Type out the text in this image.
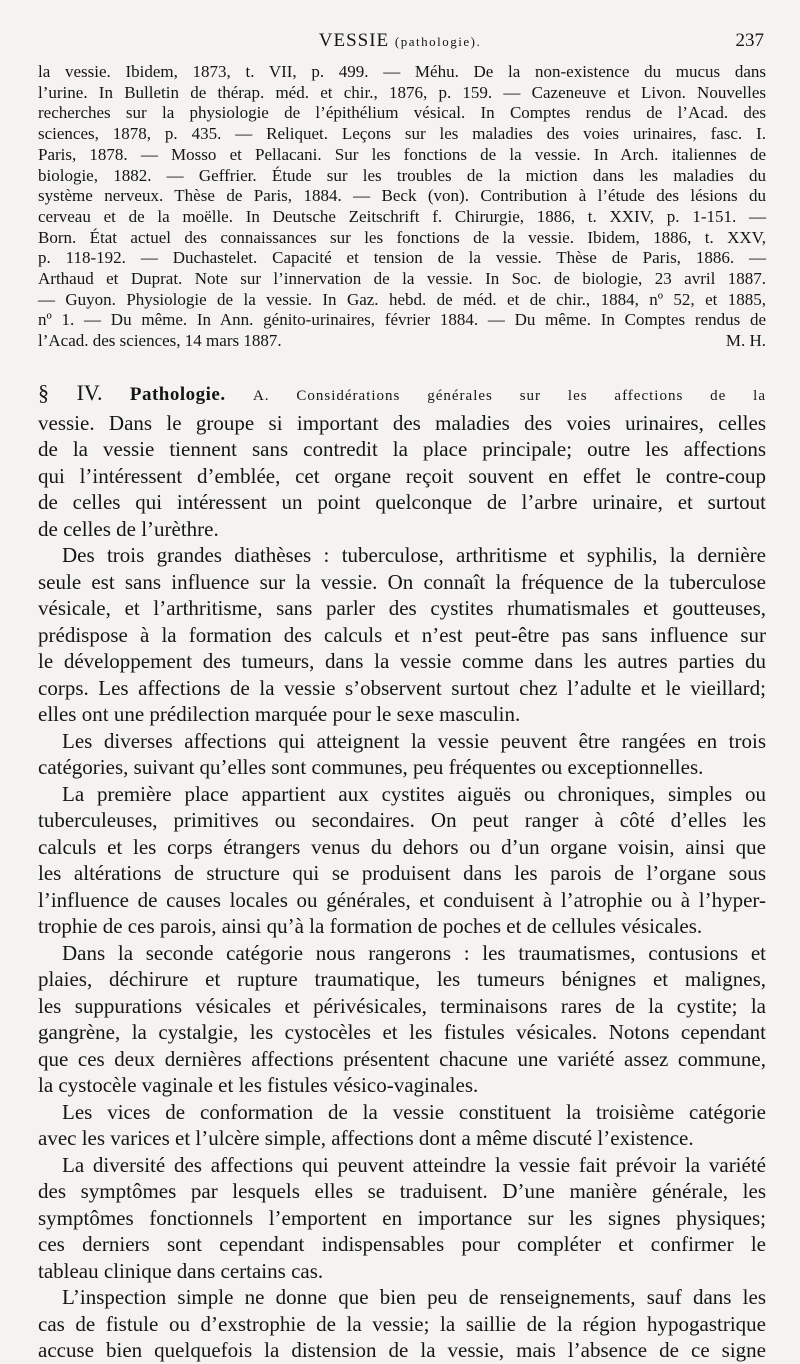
VESSIE (pathologie).	237
la vessie. Ibidem, 1873, t. VII, p. 499. — Méhu. De la non-existence du mucus dans
l’urine. In Bulletin de thérap. méd. et chir., 1876, p. 159. — Cazeneuve et Livon. Nouvelles
recherches sur la physiologie de l’épithélium vésical. In Comptes rendus de l’Acad. des
sciences, 1878, p. 435. — Reliquet. Leçons sur les maladies des voies urinaires, fasc. I.
Paris, 1878. — Mosso et Pellacani. Sur les fonctions de la vessie. In Arch. italiennes de
biologie, 1882. — Geffrier. Étude sur les troubles de la miction dans les maladies du
système nerveux. Thèse de Paris, 1884. — Beck (von). Contribution à l’étude des lésions du
cerveau et de la moëlle. In Deutsche Zeitschrift f. Chirurgie, 1886, t. XXIV, p. 1-151. —
Born. État actuel des connaissances sur les fonctions de la vessie. Ibidem, 1886, t. XXV,
p. 118-192. — Duchastelet. Capacité et tension de la vessie. Thèse de Paris, 1886. —
Arthaud et Duprat. Note sur l’innervation de la vessie. In Soc. de biologie, 23 avril 1887.
— Guyon. Physiologie de la vessie. In Gaz. hebd. de méd. et de chir., 1884, nº 52, et 1885,
nº 1. — Du même. In Ann. génito-urinaires, février 1884. — Du même. In Comptes rendus de
l’Acad. des sciences, 14 mars 1887.	M. H.
§ IV. Pathologie. A. Considérations générales sur les affections de la
vessie. Dans le groupe si important des maladies des voies urinaires, celles
de la vessie tiennent sans contredit la place principale; outre les affections
qui l’intéressent d’emblée, cet organe reçoit souvent en effet le contre-coup
de celles qui intéressent un point quelconque de l’arbre urinaire, et surtout
de celles de l’urèthre.
Des trois grandes diathèses : tuberculose, arthritisme et syphilis, la dernière
seule est sans influence sur la vessie. On connaît la fréquence de la tuberculose
vésicale, et l’arthritisme, sans parler des cystites rhumatismales et goutteuses,
prédispose à la formation des calculs et n’est peut-être pas sans influence sur
le développement des tumeurs, dans la vessie comme dans les autres parties du
corps. Les affections de la vessie s’observent surtout chez l’adulte et le vieillard;
elles ont une prédilection marquée pour le sexe masculin.
Les diverses affections qui atteignent la vessie peuvent être rangées en trois
catégories, suivant qu’elles sont communes, peu fréquentes ou exceptionnelles.
La première place appartient aux cystites aiguës ou chroniques, simples ou
tuberculeuses, primitives ou secondaires. On peut ranger à côté d’elles les
calculs et les corps étrangers venus du dehors ou d’un organe voisin, ainsi que
les altérations de structure qui se produisent dans les parois de l’organe sous
l’influence de causes locales ou générales, et conduisent à l’atrophie ou à l’hyper-
trophie de ces parois, ainsi qu’à la formation de poches et de cellules vésicales.
Dans la seconde catégorie nous rangerons : les traumatismes, contusions et
plaies, déchirure et rupture traumatique, les tumeurs bénignes et malignes,
les suppurations vésicales et périvésicales, terminaisons rares de la cystite; la
gangrène, la cystalgie, les cystocèles et les fistules vésicales. Notons cependant
que ces deux dernières affections présentent chacune une variété assez commune,
la cystocèle vaginale et les fistules vésico-vaginales.
Les vices de conformation de la vessie constituent la troisième catégorie
avec les varices et l’ulcère simple, affections dont a même discuté l’existence.
La diversité des affections qui peuvent atteindre la vessie fait prévoir la variété
des symptômes par lesquels elles se traduisent. D’une manière générale, les
symptômes fonctionnels l’emportent en importance sur les signes physiques;
ces derniers sont cependant indispensables pour compléter et confirmer le
tableau clinique dans certains cas.
L’inspection simple ne donne que bien peu de renseignements, sauf dans les
cas de fistule ou d’exstrophie de la vessie; la saillie de la région hypogastrique
accuse bien quelquefois la distension de la vessie, mais l’absence de ce signe
